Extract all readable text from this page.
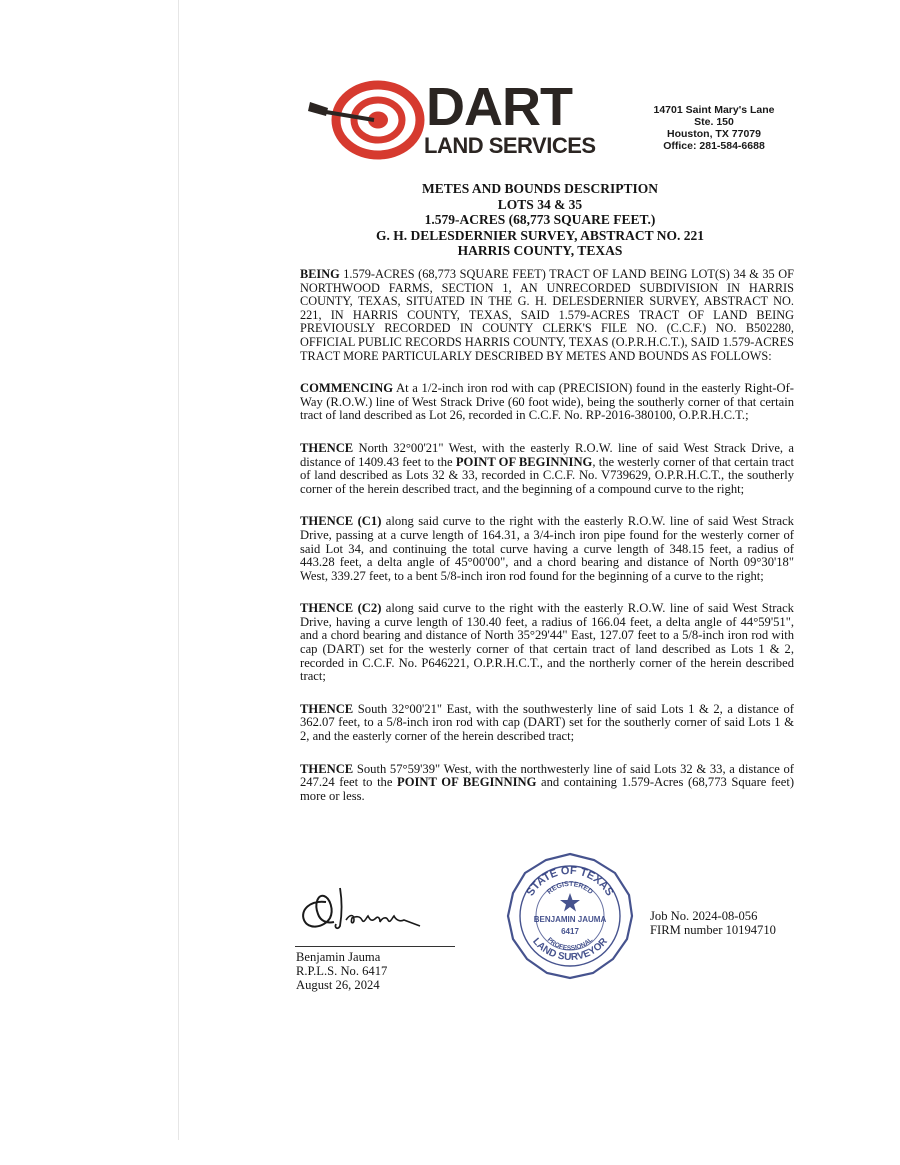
DART
LAND SERVICES
14701 Saint Mary's Lane
Ste. 150
Houston, TX 77079
Office: 281-584-6688
METES AND BOUNDS DESCRIPTION
LOTS 34 & 35
1.579-ACRES (68,773 SQUARE FEET.)
G. H. DELESDERNIER SURVEY, ABSTRACT NO. 221
HARRIS COUNTY, TEXAS

BEING 1.579-ACRES (68,773 SQUARE FEET) TRACT OF LAND BEING LOT(S) 34 & 35 OF NORTHWOOD FARMS, SECTION 1, AN UNRECORDED SUBDIVISION IN HARRIS COUNTY, TEXAS, SITUATED IN THE G. H. DELESDERNIER SURVEY, ABSTRACT NO. 221, IN HARRIS COUNTY, TEXAS, SAID 1.579-ACRES TRACT OF LAND BEING PREVIOUSLY RECORDED IN COUNTY CLERK'S FILE NO. (C.C.F.) NO. B502280, OFFICIAL PUBLIC RECORDS HARRIS COUNTY, TEXAS (O.P.R.H.C.T.), SAID 1.579-ACRES TRACT MORE PARTICULARLY DESCRIBED BY METES AND BOUNDS AS FOLLOWS:

COMMENCING At a 1/2-inch iron rod with cap (PRECISION) found in the easterly Right-Of-Way (R.O.W.) line of West Strack Drive (60 foot wide), being the southerly corner of that certain tract of land described as Lot 26, recorded in C.C.F. No. RP-2016-380100, O.P.R.H.C.T.;

THENCE North 32°00'21" West, with the easterly R.O.W. line of said West Strack Drive, a distance of 1409.43 feet to the POINT OF BEGINNING, the westerly corner of that certain tract of land described as Lots 32 & 33, recorded in C.C.F. No. V739629, O.P.R.H.C.T., the southerly corner of the herein described tract, and the beginning of a compound curve to the right;

THENCE (C1) along said curve to the right with the easterly R.O.W. line of said West Strack Drive, passing at a curve length of 164.31, a 3/4-inch iron pipe found for the westerly corner of said Lot 34, and continuing the total curve having a curve length of 348.15 feet, a radius of 443.28 feet, a delta angle of 45°00'00", and a chord bearing and distance of North 09°30'18" West, 339.27 feet, to a bent 5/8-inch iron rod found for the beginning of a curve to the right;

THENCE (C2) along said curve to the right with the easterly R.O.W. line of said West Strack Drive, having a curve length of 130.40 feet, a radius of 166.04 feet, a delta angle of 44°59'51", and a chord bearing and distance of North 35°29'44" East, 127.07 feet to a 5/8-inch iron rod with cap (DART) set for the westerly corner of that certain tract of land described as Lots 1 & 2, recorded in C.C.F. No. P646221, O.P.R.H.C.T., and the northerly corner of the herein described tract;

THENCE South 32°00'21" East, with the southwesterly line of said Lots 1 & 2, a distance of 362.07 feet, to a 5/8-inch iron rod with cap (DART) set for the southerly corner of said Lots 1 & 2, and the easterly corner of the herein described tract;

THENCE South 57°59'39" West, with the northwesterly line of said Lots 32 & 33, a distance of 247.24 feet to the POINT OF BEGINNING and containing 1.579-Acres (68,773 Square feet) more or less.

Benjamin Jauma
R.P.L.S. No. 6417
August 26, 2024
STATE OF TEXAS
REGISTERED
BENJAMIN JAUMA
6417
PROFESSIONAL
LAND SURVEYOR
Job No. 2024-08-056
FIRM number 10194710
